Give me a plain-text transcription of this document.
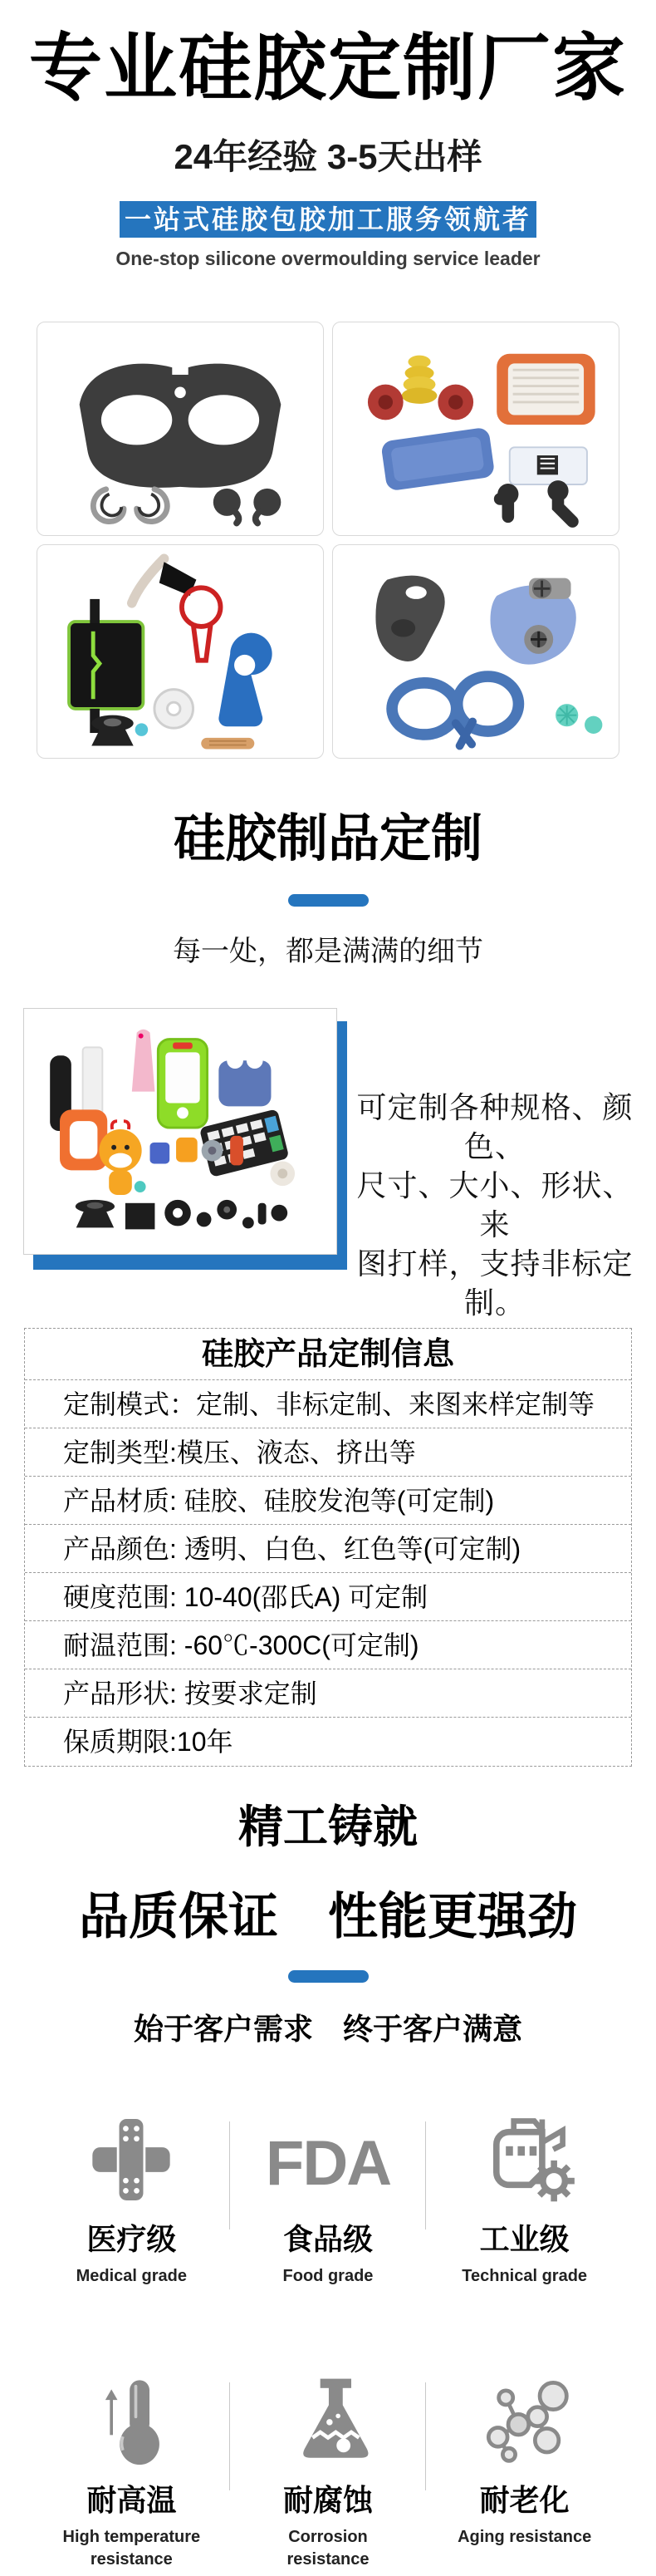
专业硅胶定制厂家
24年经验 3-5天出样
一站式硅胶包胶加工服务领航者
One-stop silicone overmoulding service leader
硅胶制品定制
每一处，都是满满的细节
可定制各种规格、颜色、
尺寸、大小、形状、来
图打样，支持非标定制。
硅胶产品定制信息
定制模式：定制、非标定制、来图来样定制等
定制类型:模压、液态、挤出等
产品材质: 硅胶、硅胶发泡等(可定制)
产品颜色: 透明、白色、红色等(可定制)
硬度范围: 10-40(邵氏A) 可定制
耐温范围: -60℃-300C(可定制)
产品形状: 按要求定制
保质期限:10年
精工铸就
品质保证　性能更强劲
始于客户需求　终于客户满意
医疗级
Medical grade
FDA
食品级
Food grade
工业级
Technical grade
耐高温
High temperature resistance
耐腐蚀
Corrosion resistance
耐老化
Aging resistance
